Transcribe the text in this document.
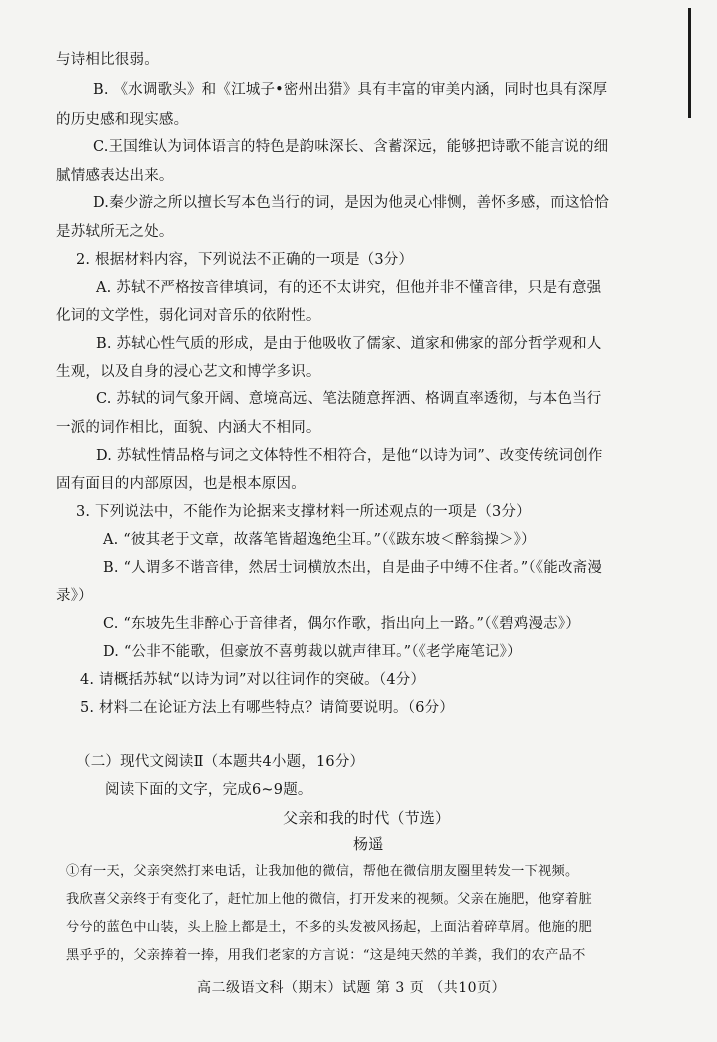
与诗相比很弱。
B. 《水调歌头》和《江城子•密州出猎》具有丰富的审美内涵，同时也具有深厚
的历史感和现实感。
C.王国维认为词体语言的特色是韵味深长、含蓄深远，能够把诗歌不能言说的细
腻情感表达出来。
D.秦少游之所以擅长写本色当行的词，是因为他灵心悱恻，善怀多感，而这恰恰
是苏轼所无之处。
2. 根据材料内容，下列说法不正确的一项是（3分）
A. 苏轼不严格按音律填词，有的还不太讲究，但他并非不懂音律，只是有意强
化词的文学性，弱化词对音乐的依附性。
B. 苏轼心性气质的形成，是由于他吸收了儒家、道家和佛家的部分哲学观和人
生观，以及自身的浸心艺文和博学多识。
C. 苏轼的词气象开阔、意境高远、笔法随意挥洒、格调直率透彻，与本色当行
一派的词作相比，面貌、内涵大不相同。
D. 苏轼性情品格与词之文体特性不相符合，是他“以诗为词”、改变传统词创作
固有面目的内部原因，也是根本原因。
3. 下列说法中，不能作为论据来支撑材料一所述观点的一项是（3分）
A. “彼其老于文章，故落笔皆超逸绝尘耳。”（《跋东坡＜醉翁操＞》）
B. “人谓多不谐音律，然居士词横放杰出，自是曲子中缚不住者。”（《能改斋漫
录》）
C. “东坡先生非醉心于音律者，偶尔作歌，指出向上一路。”（《碧鸡漫志》）
D. “公非不能歌，但豪放不喜剪裁以就声律耳。”（《老学庵笔记》）
4. 请概括苏轼“以诗为词”对以往词作的突破。（4分）
5. 材料二在论证方法上有哪些特点？请简要说明。（6分）
（二）现代文阅读Ⅱ（本题共4小题，16分）
阅读下面的文字，完成6~9题。
父亲和我的时代（节选）
杨遥
①有一天，父亲突然打来电话，让我加他的微信，帮他在微信朋友圈里转发一下视频。
我欣喜父亲终于有变化了，赶忙加上他的微信，打开发来的视频。父亲在施肥，他穿着脏
兮兮的蓝色中山装，头上脸上都是土，不多的头发被风扬起，上面沾着碎草屑。他施的肥
黑乎乎的，父亲捧着一捧，用我们老家的方言说：“这是纯天然的羊粪，我们的农产品不
高二级语文科（期末）试题 第 3 页 （共10页）
